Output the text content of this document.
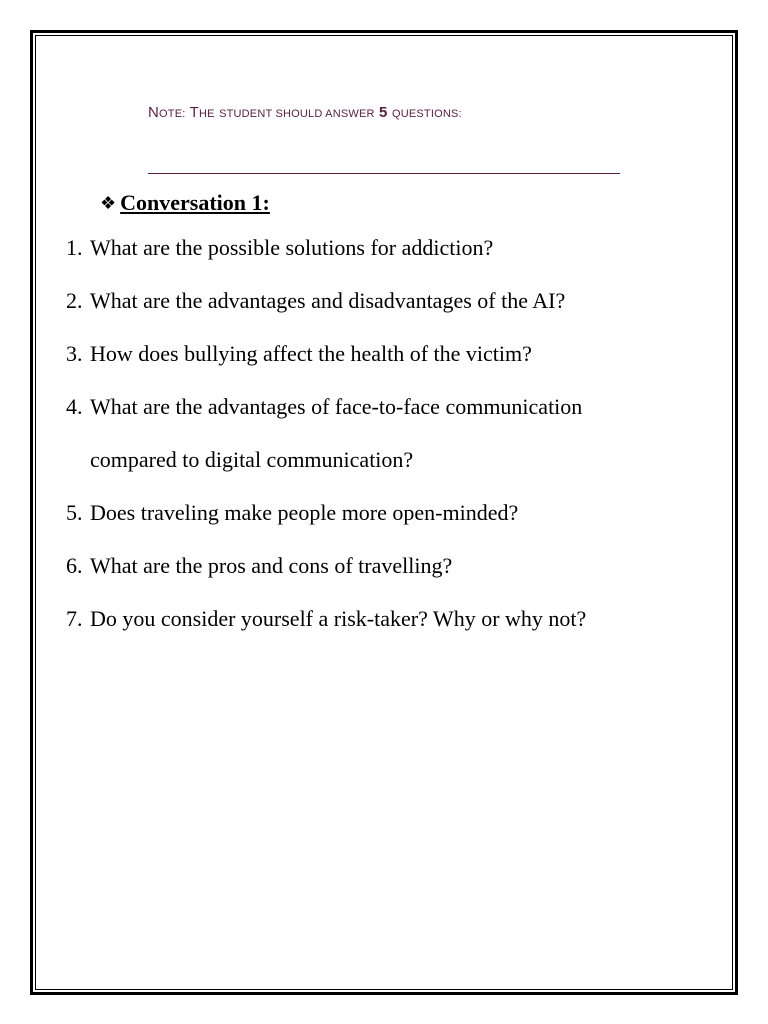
NOTE: THE STUDENT SHOULD ANSWER 5 QUESTIONS:
❖ Conversation 1:
1. What are the possible solutions for addiction?
2. What are the advantages and disadvantages of the AI?
3. How does bullying affect the health of the victim?
4. What are the advantages of face-to-face communication compared to digital communication?
5. Does traveling make people more open-minded?
6. What are the pros and cons of travelling?
7. Do you consider yourself a risk-taker? Why or why not?
